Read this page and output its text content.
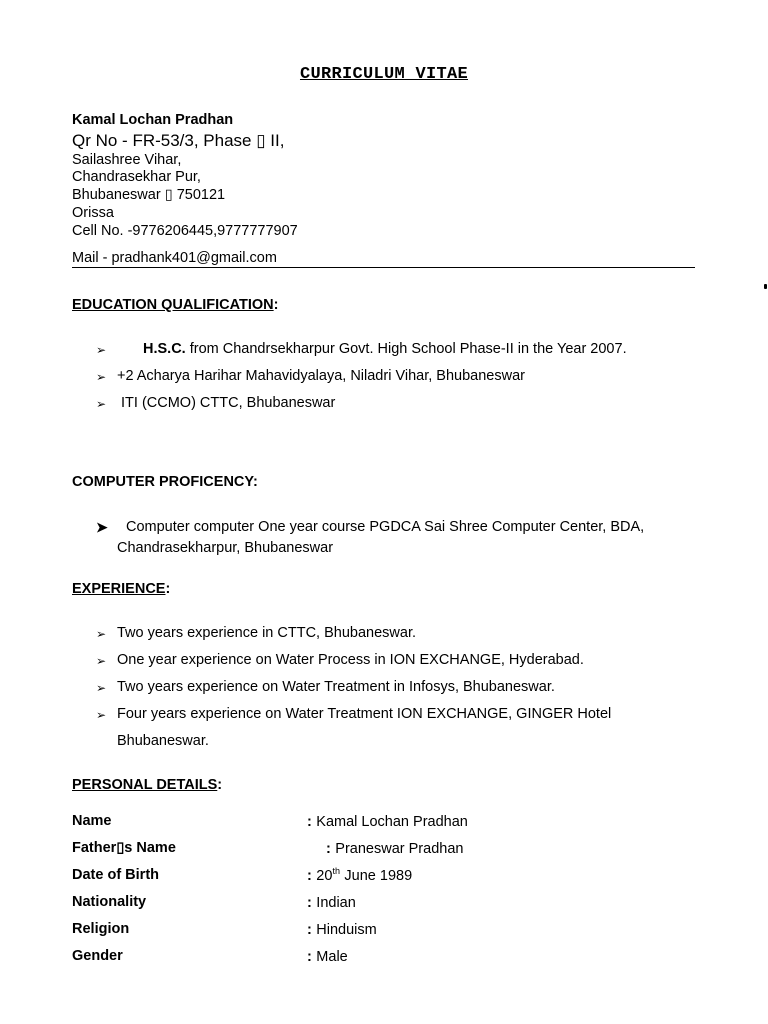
CURRICULUM VITAE
Kamal Lochan Pradhan
Qr No - FR-53/3, Phase ▯ II,
Sailashree Vihar,
Chandrasekhar Pur,
Bhubaneswar ▯ 750121
Orissa
Cell No. -9776206445,9777777907
Mail - pradhank401@gmail.com
EDUCATION QUALIFICATION:
➢	H.S.C. from Chandrsekharpur Govt. High School Phase-II in the Year 2007.
➢ +2 Acharya Harihar Mahavidyalaya, Niladri Vihar, Bhubaneswar
➢ ITI (CCMO) CTTC, Bhubaneswar
COMPUTER PROFICENCY:
➤ Computer computer One year course PGDCA Sai Shree Computer Center, BDA,
Chandrasekharpur, Bhubaneswar
EXPERIENCE:
➢ Two years experience in CTTC, Bhubaneswar.
➢ One year experience on Water Process in ION EXCHANGE, Hyderabad.
➢ Two years experience on Water Treatment in Infosys, Bhubaneswar.
➢ Four years experience on Water Treatment ION EXCHANGE, GINGER Hotel
Bhubaneswar.
PERSONAL DETAILS:
Name	: Kamal Lochan Pradhan
Father▯s Name	: Praneswar Pradhan
Date of Birth	: 20th June 1989
Nationality	: Indian
Religion	: Hinduism
Gender	: Male
